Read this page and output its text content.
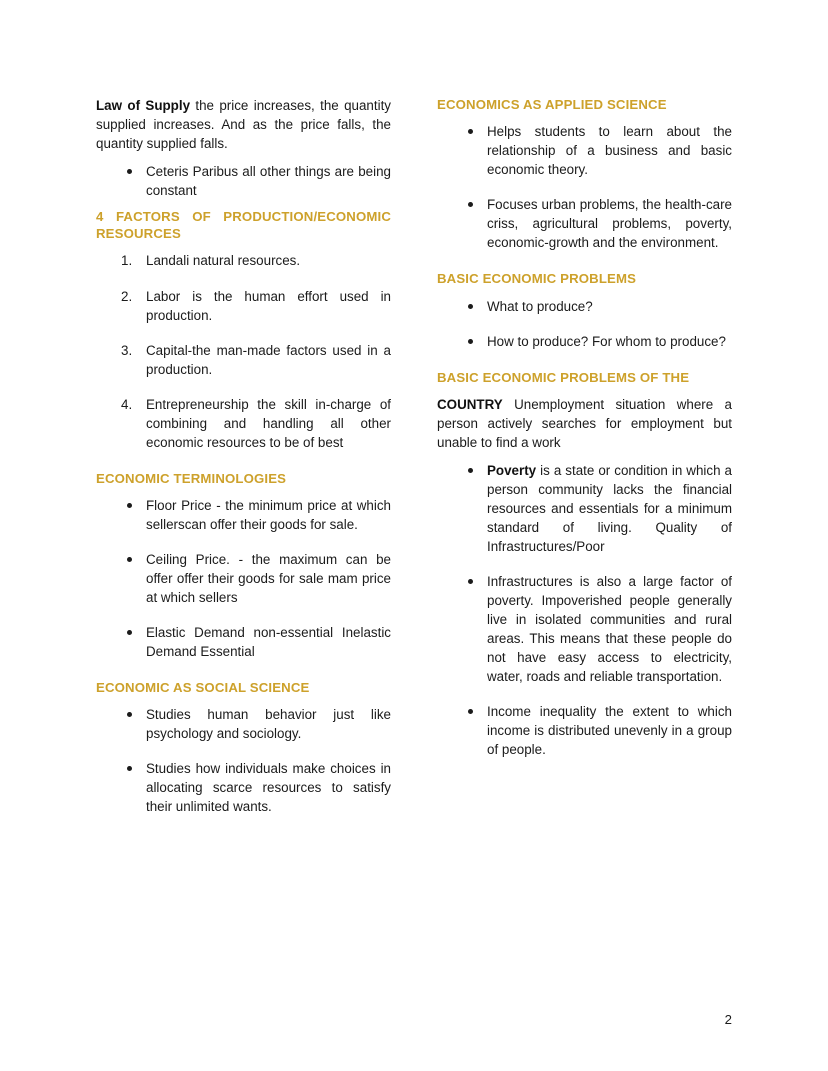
Law of Supply the price increases, the quantity supplied increases. And as the price falls, the quantity supplied falls.

Ceteris Paribus all other things are being constant

4 FACTORS OF PRODUCTION/ECONOMIC RESOURCES

Landali natural resources.
Labor is the human effort used in production.
Capital-the man-made factors used in a production.
Entrepreneurship the skill in-charge of combining and handling all other economic resources to be of best

ECONOMIC TERMINOLOGIES

Floor Price - the minimum price at which sellerscan offer their goods for sale.
Ceiling Price. - the maximum can be offer offer their goods for sale mam price at which sellers
Elastic Demand non-essential Inelastic Demand Essential

ECONOMIC AS SOCIAL SCIENCE

Studies human behavior just like psychology and sociology.
Studies how individuals make choices in allocating scarce resources to satisfy their unlimited wants.

ECONOMICS AS APPLIED SCIENCE

Helps students to learn about the relationship of a business and basic economic theory.
Focuses urban problems, the health-care criss, agricultural problems, poverty, economic-growth and the environment.

BASIC ECONOMIC PROBLEMS

What to produce?
How to produce? For whom to produce?

BASIC ECONOMIC PROBLEMS OF THE

COUNTRY Unemployment situation where a person actively searches for employment but unable to find a work

Poverty is a state or condition in which a person community lacks the financial resources and essentials for a minimum standard of living. Quality of Infrastructures/Poor
Infrastructures is also a large factor of poverty. Impoverished people generally live in isolated communities and rural areas. This means that these people do not have easy access to electricity, water, roads and reliable transportation.
Income inequality the extent to which income is distributed unevenly in a group of people.
2
